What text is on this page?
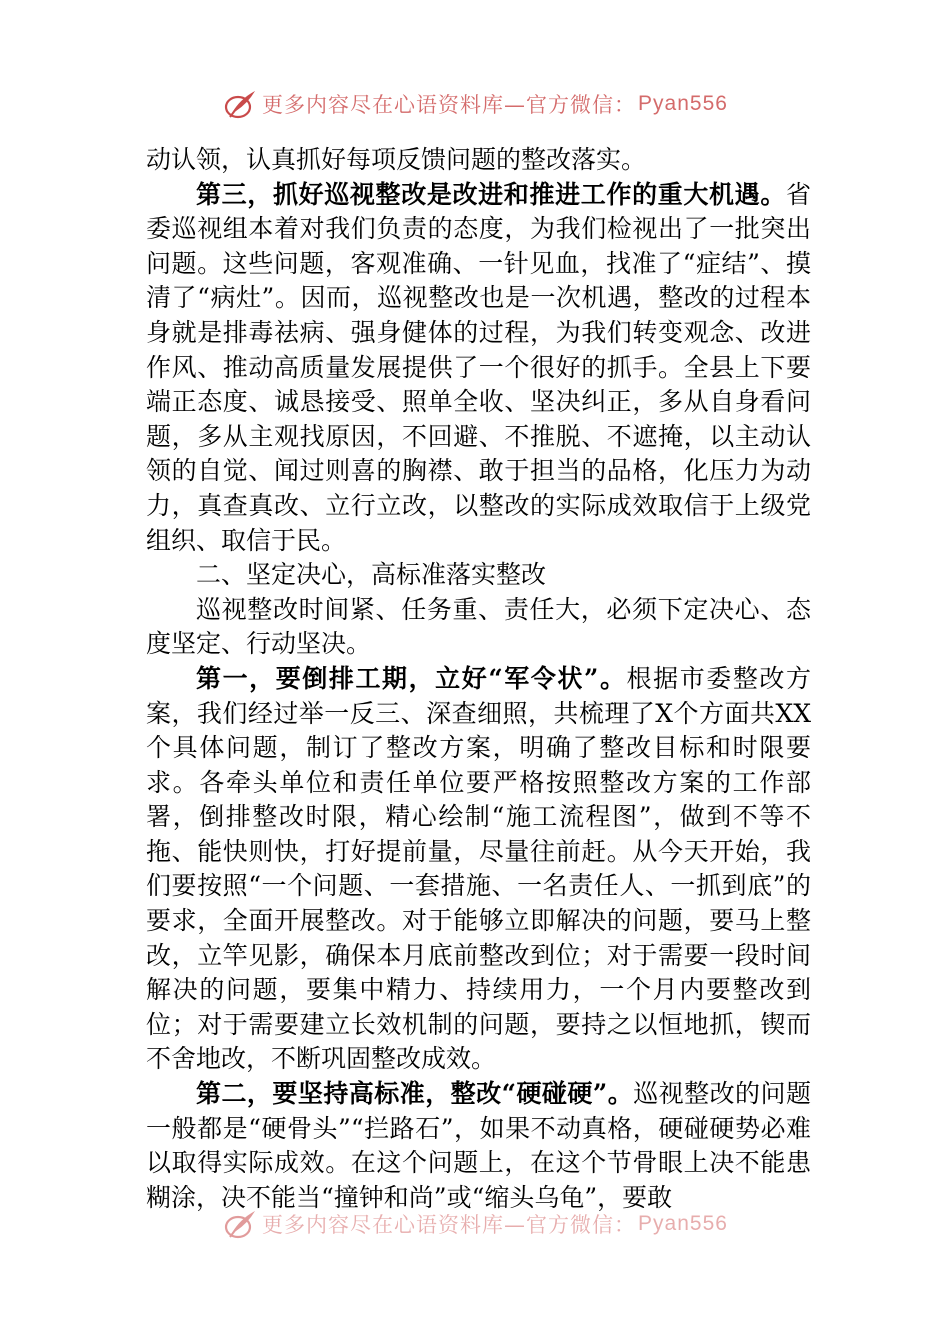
更多内容尽在心语资料库—官方微信： Pyan556

动认领，认真抓好每项反馈问题的整改落实。

第三，抓好巡视整改是改进和推进工作的重大机遇。省委巡视组本着对我们负责的态度，为我们检视出了一批突出问题。这些问题，客观准确、一针见血，找准了“症结”、摸清了“病灶”。因而，巡视整改也是一次机遇，整改的过程本身就是排毒祛病、强身健体的过程，为我们转变观念、改进作风、推动高质量发展提供了一个很好的抓手。全县上下要端正态度、诚恳接受、照单全收、坚决纠正，多从自身看问题，多从主观找原因，不回避、不推脱、不遮掩，以主动认领的自觉、闻过则喜的胸襟、敢于担当的品格，化压力为动力，真查真改、立行立改，以整改的实际成效取信于上级党组织、取信于民。

二、坚定决心，高标准落实整改

巡视整改时间紧、任务重、责任大，必须下定决心、态度坚定、行动坚决。

第一，要倒排工期，立好“军令状”。根据市委整改方案，我们经过举一反三、深查细照，共梳理了X个方面共XX个具体问题，制订了整改方案，明确了整改目标和时限要求。各牵头单位和责任单位要严格按照整改方案的工作部署，倒排整改时限，精心绘制“施工流程图”，做到不等不拖、能快则快，打好提前量，尽量往前赶。从今天开始，我们要按照“一个问题、一套措施、一名责任人、一抓到底”的要求，全面开展整改。对于能够立即解决的问题，要马上整改，立竿见影，确保本月底前整改到位；对于需要一段时间解决的问题，要集中精力、持续用力，一个月内要整改到位；对于需要建立长效机制的问题，要持之以恒地抓，锲而不舍地改，不断巩固整改成效。

第二，要坚持高标准，整改“硬碰硬”。巡视整改的问题一般都是“硬骨头”“拦路石”，如果不动真格，硬碰硬势必难以取得实际成效。在这个问题上，在这个节骨眼上决不能患糊涂，决不能当“撞钟和尚”或“缩头乌龟”，要敢

更多内容尽在心语资料库—官方微信： Pyan556
